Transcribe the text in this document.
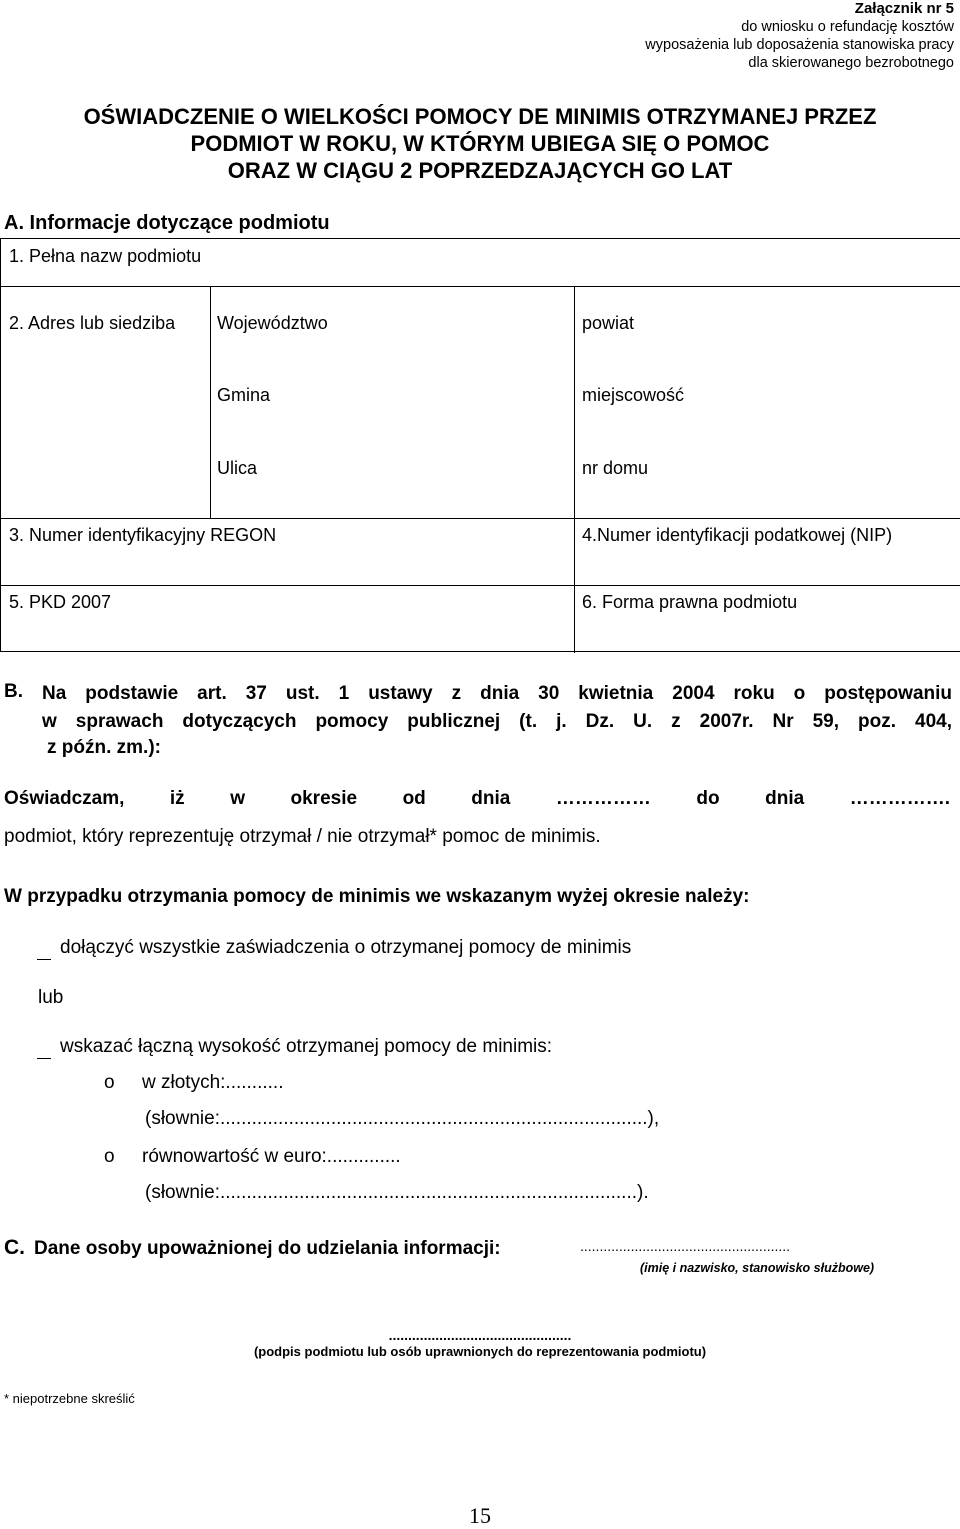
Załącznik nr 5
do wniosku o refundację kosztów
wyposażenia lub doposażenia stanowiska pracy
dla skierowanego bezrobotnego
OŚWIADCZENIE O WIELKOŚCI POMOCY DE MINIMIS OTRZYMANEJ PRZEZ
PODMIOT W ROKU, W KTÓRYM UBIEGA SIĘ O POMOC
ORAZ W CIĄGU 2 POPRZEDZAJĄCYCH GO LAT
A. Informacje dotyczące podmiotu
1. Pełna nazw podmiotu
2. Adres lub siedziba Województwo	powiat
Gmina	miejscowość
Ulica	nr domu
3. Numer identyfikacyjny REGON	4.Numer identyfikacji podatkowej (NIP)
5. PKD 2007	6. Forma prawna podmiotu
B. Na podstawie art. 37 ust. 1 ustawy z dnia 30 kwietnia 2004 roku o postępowaniu
w sprawach dotyczących pomocy publicznej (t. j. Dz. U. z 2007r. Nr 59, poz. 404,
z późn. zm.):
Oświadczam, iż w okresie od dnia …………… do dnia …………….
podmiot, który reprezentuję otrzymał / nie otrzymał* pomoc de minimis.
W przypadku otrzymania pomocy de minimis we wskazanym wyżej okresie należy:
dołączyć wszystkie zaświadczenia o otrzymanej pomocy de minimis
lub
wskazać łączną wysokość otrzymanej pomocy de minimis:
o w złotych:...........
(słownie:.................................................................................),
o równowartość w euro:..............
(słownie:...............................................................................).
C. Dane osoby upoważnionej do udzielania informacji:	......................................................
(imię i nazwisko, stanowisko służbowe)
...............................................
(podpis podmiotu lub osób uprawnionych do reprezentowania podmiotu)
* niepotrzebne skreślić
15
